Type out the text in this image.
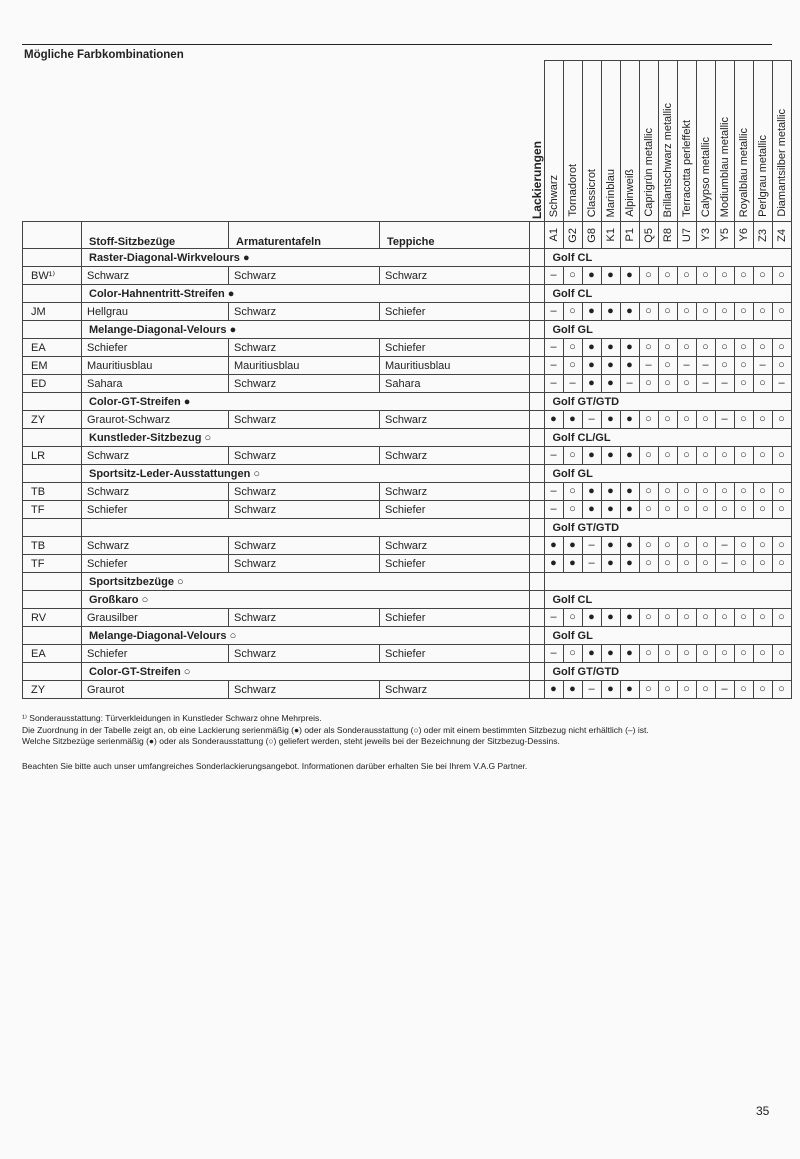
Mögliche Farbkombinationen

				Lackierungen	Schwarz	Tornadorot	Classicrot	Marinblau	Alpinweiß	Caprigrün metallic	Brillantschwarz metallic	Terracotta perleffekt	Calypso metallic	Modiumblau metallic	Royalblau metallic	Perlgrau metallic	Diamantsilber metallic

	Stoff-Sitzbezüge	Armaturentafeln	Teppiche		A1	G2	G8	K1	P1	Q5	R8	U7	Y3	Y5	Y6	Z3	Z4

	Raster-Diagonal-Wirkvelours ●				Golf CL												
BW¹⁾	Schwarz	Schwarz	Schwarz		–	○	●	●	●	○	○	○	○	○	○	○	○
	Color-Hahnentritt-Streifen ●				Golf CL												
JM	Hellgrau	Schwarz	Schiefer		–	○	●	●	●	○	○	○	○	○	○	○	○
	Melange-Diagonal-Velours ●				Golf GL												
EA	Schiefer	Schwarz	Schiefer		–	○	●	●	●	○	○	○	○	○	○	○	○
EM	Mauritiusblau	Mauritiusblau	Mauritiusblau		–	○	●	●	●	–	○	–	–	○	○	–	○
ED	Sahara	Schwarz	Sahara		–	–	●	●	–	○	○	○	–	–	○	○	–
	Color-GT-Streifen ●				Golf GT/GTD												
ZY	Graurot-Schwarz	Schwarz	Schwarz		●	●	–	●	●	○	○	○	○	–	○	○	○
	Kunstleder-Sitzbezug ○				Golf CL/GL												
LR	Schwarz	Schwarz	Schwarz		–	○	●	●	●	○	○	○	○	○	○	○	○
	Sportsitz-Leder-Ausstattungen ○				Golf GL												
TB	Schwarz	Schwarz	Schwarz		–	○	●	●	●	○	○	○	○	○	○	○	○
TF	Schiefer	Schwarz	Schiefer		–	○	●	●	●	○	○	○	○	○	○	○	○
					Golf GT/GTD												
TB	Schwarz	Schwarz	Schwarz		●	●	–	●	●	○	○	○	○	–	○	○	○
TF	Schiefer	Schwarz	Schiefer		●	●	–	●	●	○	○	○	○	–	○	○	○
	Sportsitzbezüge ○																
	Großkaro ○				Golf CL												
RV	Grausilber	Schwarz	Schiefer		–	○	●	●	●	○	○	○	○	○	○	○	○
	Melange-Diagonal-Velours ○				Golf GL												
EA	Schiefer	Schwarz	Schiefer		–	○	●	●	●	○	○	○	○	○	○	○	○
	Color-GT-Streifen ○				Golf GT/GTD												
ZY	Graurot	Schwarz	Schwarz		●	●	–	●	●	○	○	○	○	–	○	○	○
¹⁾ Sonderausstattung: Türverkleidungen in Kunstleder Schwarz ohne Mehrpreis.
Die Zuordnung in der Tabelle zeigt an, ob eine Lackierung serienmäßig (●) oder als Sonderausstattung (○) oder mit einem bestimmten Sitzbezug nicht erhältlich (–) ist.
Welche Sitzbezüge serienmäßig (●) oder als Sonderausstattung (○) geliefert werden, steht jeweils bei der Bezeichnung der Sitzbezug-Dessins.
Beachten Sie bitte auch unser umfangreiches Sonderlackierungsangebot. Informationen darüber erhalten Sie bei Ihrem V.A.G Partner.
35
